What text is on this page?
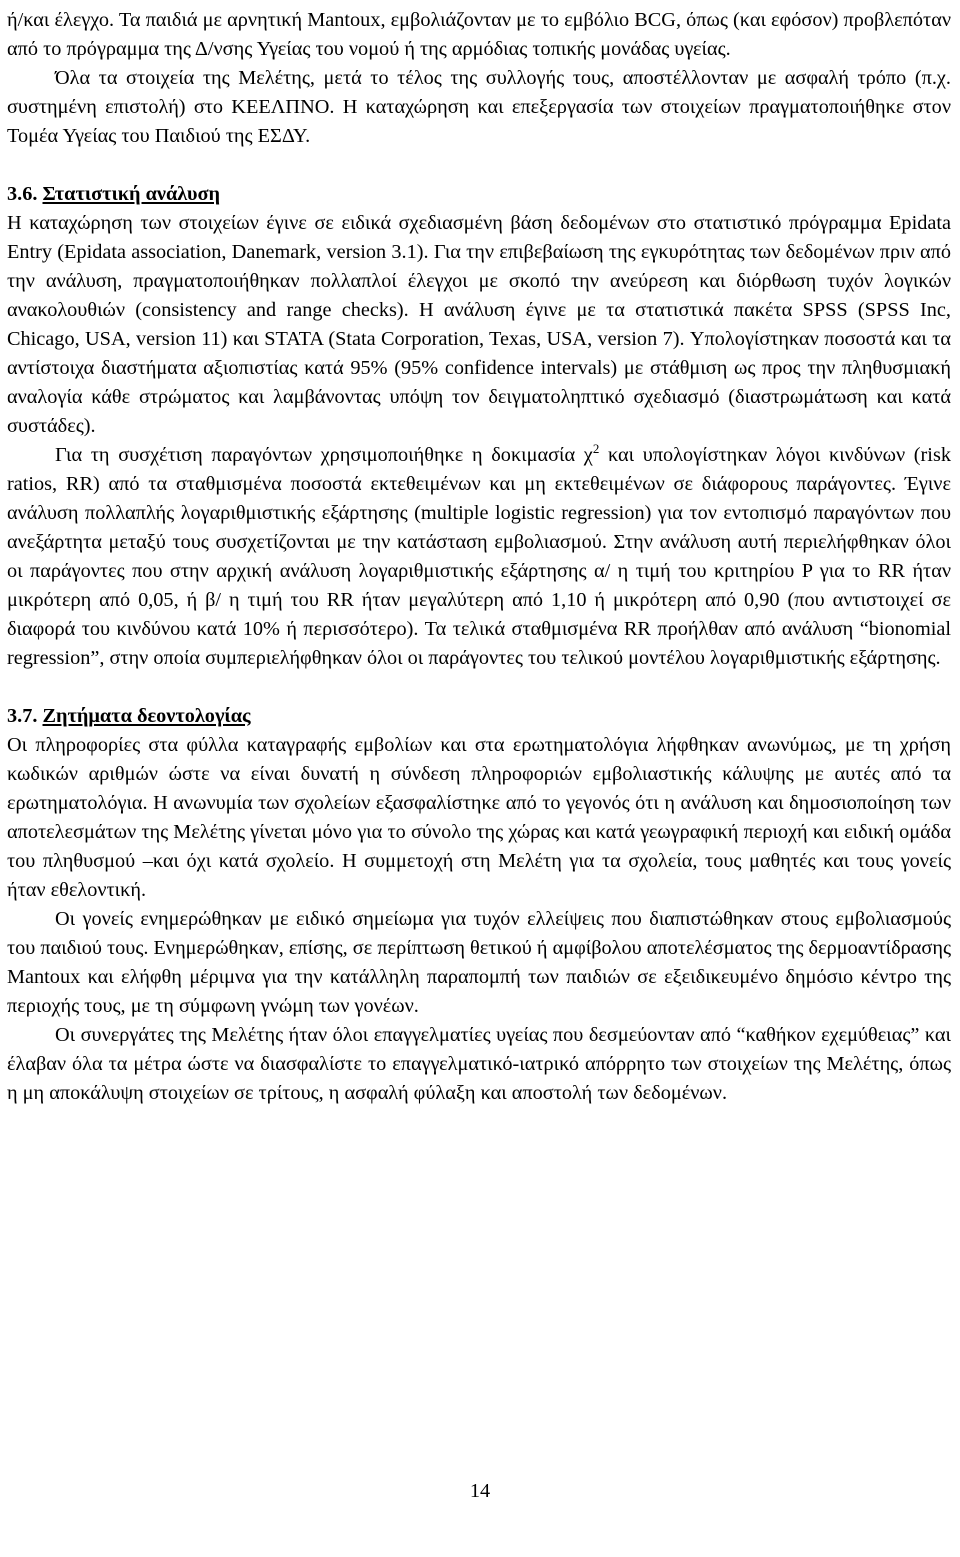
ή/και έλεγχο. Τα παιδιά με αρνητική Mantoux, εμβολιάζονταν με το εμβόλιο BCG, όπως (και εφόσον) προβλεπόταν από το πρόγραμμα της Δ/νσης Υγείας του νομού ή της αρμόδιας τοπικής μονάδας υγείας.

Όλα τα στοιχεία της Μελέτης, μετά το τέλος της συλλογής τους, αποστέλλονταν με ασφαλή τρόπο (π.χ. συστημένη επιστολή) στο ΚΕΕΛΠΝΟ. Η καταχώρηση και επεξεργασία των στοιχείων πραγματοποιήθηκε στον Τομέα Υγείας του Παιδιού της ΕΣΔΥ.

3.6. Στατιστική ανάλυση

Η καταχώρηση των στοιχείων έγινε σε ειδικά σχεδιασμένη βάση δεδομένων στο στατιστικό πρόγραμμα Epidata Entry (Epidata association, Danemark, version 3.1). Για την επιβεβαίωση της εγκυρότητας των δεδομένων πριν από την ανάλυση, πραγματοποιήθηκαν πολλαπλοί έλεγχοι με σκοπό την ανεύρεση και διόρθωση τυχόν λογικών ανακολουθιών (consistency and range checks). Η ανάλυση έγινε με τα στατιστικά πακέτα SPSS (SPSS Inc, Chicago, USA, version 11) και STATA (Stata Corporation, Texas, USA, version 7). Υπολογίστηκαν ποσοστά και τα αντίστοιχα διαστήματα αξιοπιστίας κατά 95% (95% confidence intervals) με στάθμιση ως προς την πληθυσμιακή αναλογία κάθε στρώματος και λαμβάνοντας υπόψη τον δειγματοληπτικό σχεδιασμό (διαστρωμάτωση και κατά συστάδες).

Για τη συσχέτιση παραγόντων χρησιμοποιήθηκε η δοκιμασία $\chi^2$ και υπολογίστηκαν λόγοι κινδύνων (risk ratios, RR) από τα σταθμισμένα ποσοστά εκτεθειμένων και μη εκτεθειμένων σε διάφορους παράγοντες. Έγινε ανάλυση πολλαπλής λογαριθμιστικής εξάρτησης (multiple logistic regression) για τον εντοπισμό παραγόντων που ανεξάρτητα μεταξύ τους συσχετίζονται με την κατάσταση εμβολιασμού. Στην ανάλυση αυτή περιελήφθηκαν όλοι οι παράγοντες που στην αρχική ανάλυση λογαριθμιστικής εξάρτησης α/ η τιμή του κριτηρίου P για το RR ήταν μικρότερη από 0,05, ή β/ η τιμή του RR ήταν μεγαλύτερη από 1,10 ή μικρότερη από 0,90 (που αντιστοιχεί σε διαφορά του κινδύνου κατά 10% ή περισσότερο). Τα τελικά σταθμισμένα RR προήλθαν από ανάλυση “bionomial regression”, στην οποία συμπεριελήφθηκαν όλοι οι παράγοντες του τελικού μοντέλου λογαριθμιστικής εξάρτησης.

3.7. Ζητήματα δεοντολογίας

Οι πληροφορίες στα φύλλα καταγραφής εμβολίων και στα ερωτηματολόγια λήφθηκαν ανωνύμως, με τη χρήση κωδικών αριθμών ώστε να είναι δυνατή η σύνδεση πληροφοριών εμβολιαστικής κάλυψης με αυτές από τα ερωτηματολόγια. Η ανωνυμία των σχολείων εξασφαλίστηκε από το γεγονός ότι η ανάλυση και δημοσιοποίηση των αποτελεσμάτων της Μελέτης γίνεται μόνο για το σύνολο της χώρας και κατά γεωγραφική περιοχή και ειδική ομάδα του πληθυσμού –και όχι κατά σχολείο. Η συμμετοχή στη Μελέτη για τα σχολεία, τους μαθητές και τους γονείς ήταν εθελοντική.

Οι γονείς ενημερώθηκαν με ειδικό σημείωμα για τυχόν ελλείψεις που διαπιστώθηκαν στους εμβολιασμούς του παιδιού τους. Ενημερώθηκαν, επίσης, σε περίπτωση θετικού ή αμφίβολου αποτελέσματος της δερμοαντίδρασης Mantoux και ελήφθη μέριμνα για την κατάλληλη παραπομπή των παιδιών σε εξειδικευμένο δημόσιο κέντρο της περιοχής τους, με τη σύμφωνη γνώμη των γονέων.

Οι συνεργάτες της Μελέτης ήταν όλοι επαγγελματίες υγείας που δεσμεύονταν από “καθήκον εχεμύθειας” και έλαβαν όλα τα μέτρα ώστε να διασφαλίστε το επαγγελματικό-ιατρικό απόρρητο των στοιχείων της Μελέτης, όπως η μη αποκάλυψη στοιχείων σε τρίτους, η ασφαλή φύλαξη και αποστολή των δεδομένων.

14
